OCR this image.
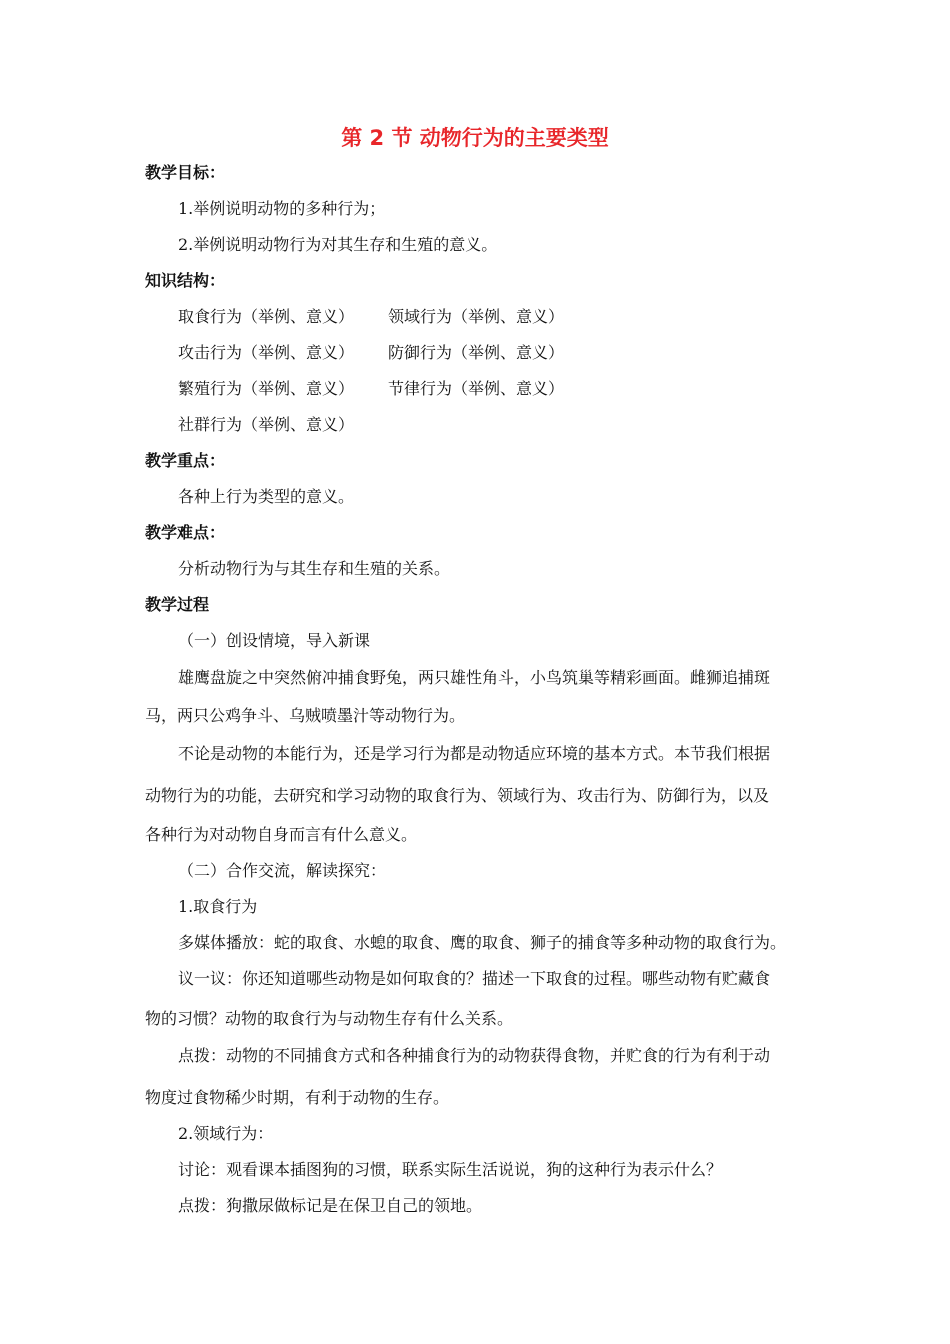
第 2 节 动物行为的主要类型
教学目标：
1.举例说明动物的多种行为；
2.举例说明动物行为对其生存和生殖的意义。
知识结构：
取食行为（举例、意义） 领域行为（举例、意义）
攻击行为（举例、意义） 防御行为（举例、意义）
繁殖行为（举例、意义） 节律行为（举例、意义）
社群行为（举例、意义）
教学重点：
各种上行为类型的意义。
教学难点：
分析动物行为与其生存和生殖的关系。
教学过程
（一）创设情境，导入新课
雄鹰盘旋之中突然俯冲捕食野兔，两只雄性角斗，小鸟筑巢等精彩画面。雌狮追捕斑
马，两只公鸡争斗、乌贼喷墨汁等动物行为。
不论是动物的本能行为，还是学习行为都是动物适应环境的基本方式。本节我们根据
动物行为的功能，去研究和学习动物的取食行为、领域行为、攻击行为、防御行为，以及
各种行为对动物自身而言有什么意义。
（二）合作交流，解读探究：
1.取食行为
多媒体播放：蛇的取食、水螅的取食、鹰的取食、狮子的捕食等多种动物的取食行为。
议一议：你还知道哪些动物是如何取食的？描述一下取食的过程。哪些动物有贮藏食
物的习惯？动物的取食行为与动物生存有什么关系。
点拨：动物的不同捕食方式和各种捕食行为的动物获得食物，并贮食的行为有利于动
物度过食物稀少时期，有利于动物的生存。
2.领域行为：
讨论：观看课本插图狗的习惯，联系实际生活说说，狗的这种行为表示什么？
点拨：狗撒尿做标记是在保卫自己的领地。
